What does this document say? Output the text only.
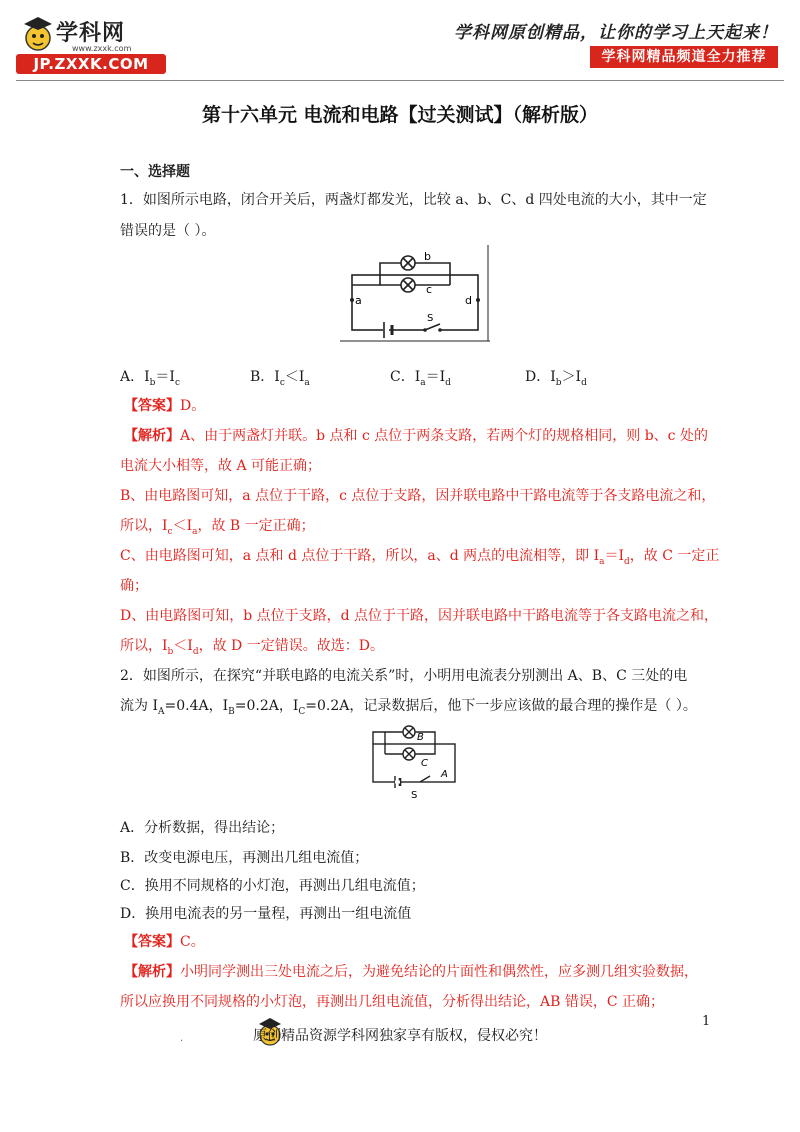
学科网
www.zxxk.com
JP.ZXXK.COM
学科网原创精品，让你的学习上天起来！
学科网精品频道全力推荐
第十六单元 电流和电路【过关测试】（解析版）
一、选择题
1．如图所示电路，闭合开关后，两盏灯都发光，比较 a、b、C、d 四处电流的大小，其中一定
错误的是（ ）。
b
c
a	d
S
A．$I_b=I_c$	B．$I_c<I_a$	C．$I_a=I_d$	D．$I_b>I_d$
【答案】D。
【解析】A、由于两盏灯并联。b 点和 c 点位于两条支路，若两个灯的规格相同，则 b、c 处的
电流大小相等，故 A 可能正确；
B、由电路图可知，a 点位于干路，c 点位于支路，因并联电路中干路电流等于各支路电流之和，
所以，$I_c<I_a$，故 B 一定正确；
C、由电路图可知，a 点和 d 点位于干路，所以，a、d 两点的电流相等，即 $I_a=I_d$，故 C 一定正
确；
D、由电路图可知，b 点位于支路，d 点位于干路，因并联电路中干路电流等于各支路电流之和，
所以，$I_b<I_d$，故 D 一定错误。故选：D。
2．如图所示，在探究“并联电路的电流关系”时，小明用电流表分别测出 A、B、C 三处的电
流为 $I_A=0.4A$，$I_B=0.2A$，$I_C=0.2A$，记录数据后，他下一步应该做的最合理的操作是（ ）。
B
C
A
S
A．分析数据，得出结论；
B．改变电源电压，再测出几组电流值；
C．换用不同规格的小灯泡，再测出几组电流值；
D．换用电流表的另一量程，再测出一组电流值
【答案】C。
【解析】小明同学测出三处电流之后，为避免结论的片面性和偶然性，应多测几组实验数据，
所以应换用不同规格的小灯泡，再测出几组电流值，分析得出结论，AB 错误，C 正确；
1
.	原创精品资源学科网独家享有版权，侵权必究！
